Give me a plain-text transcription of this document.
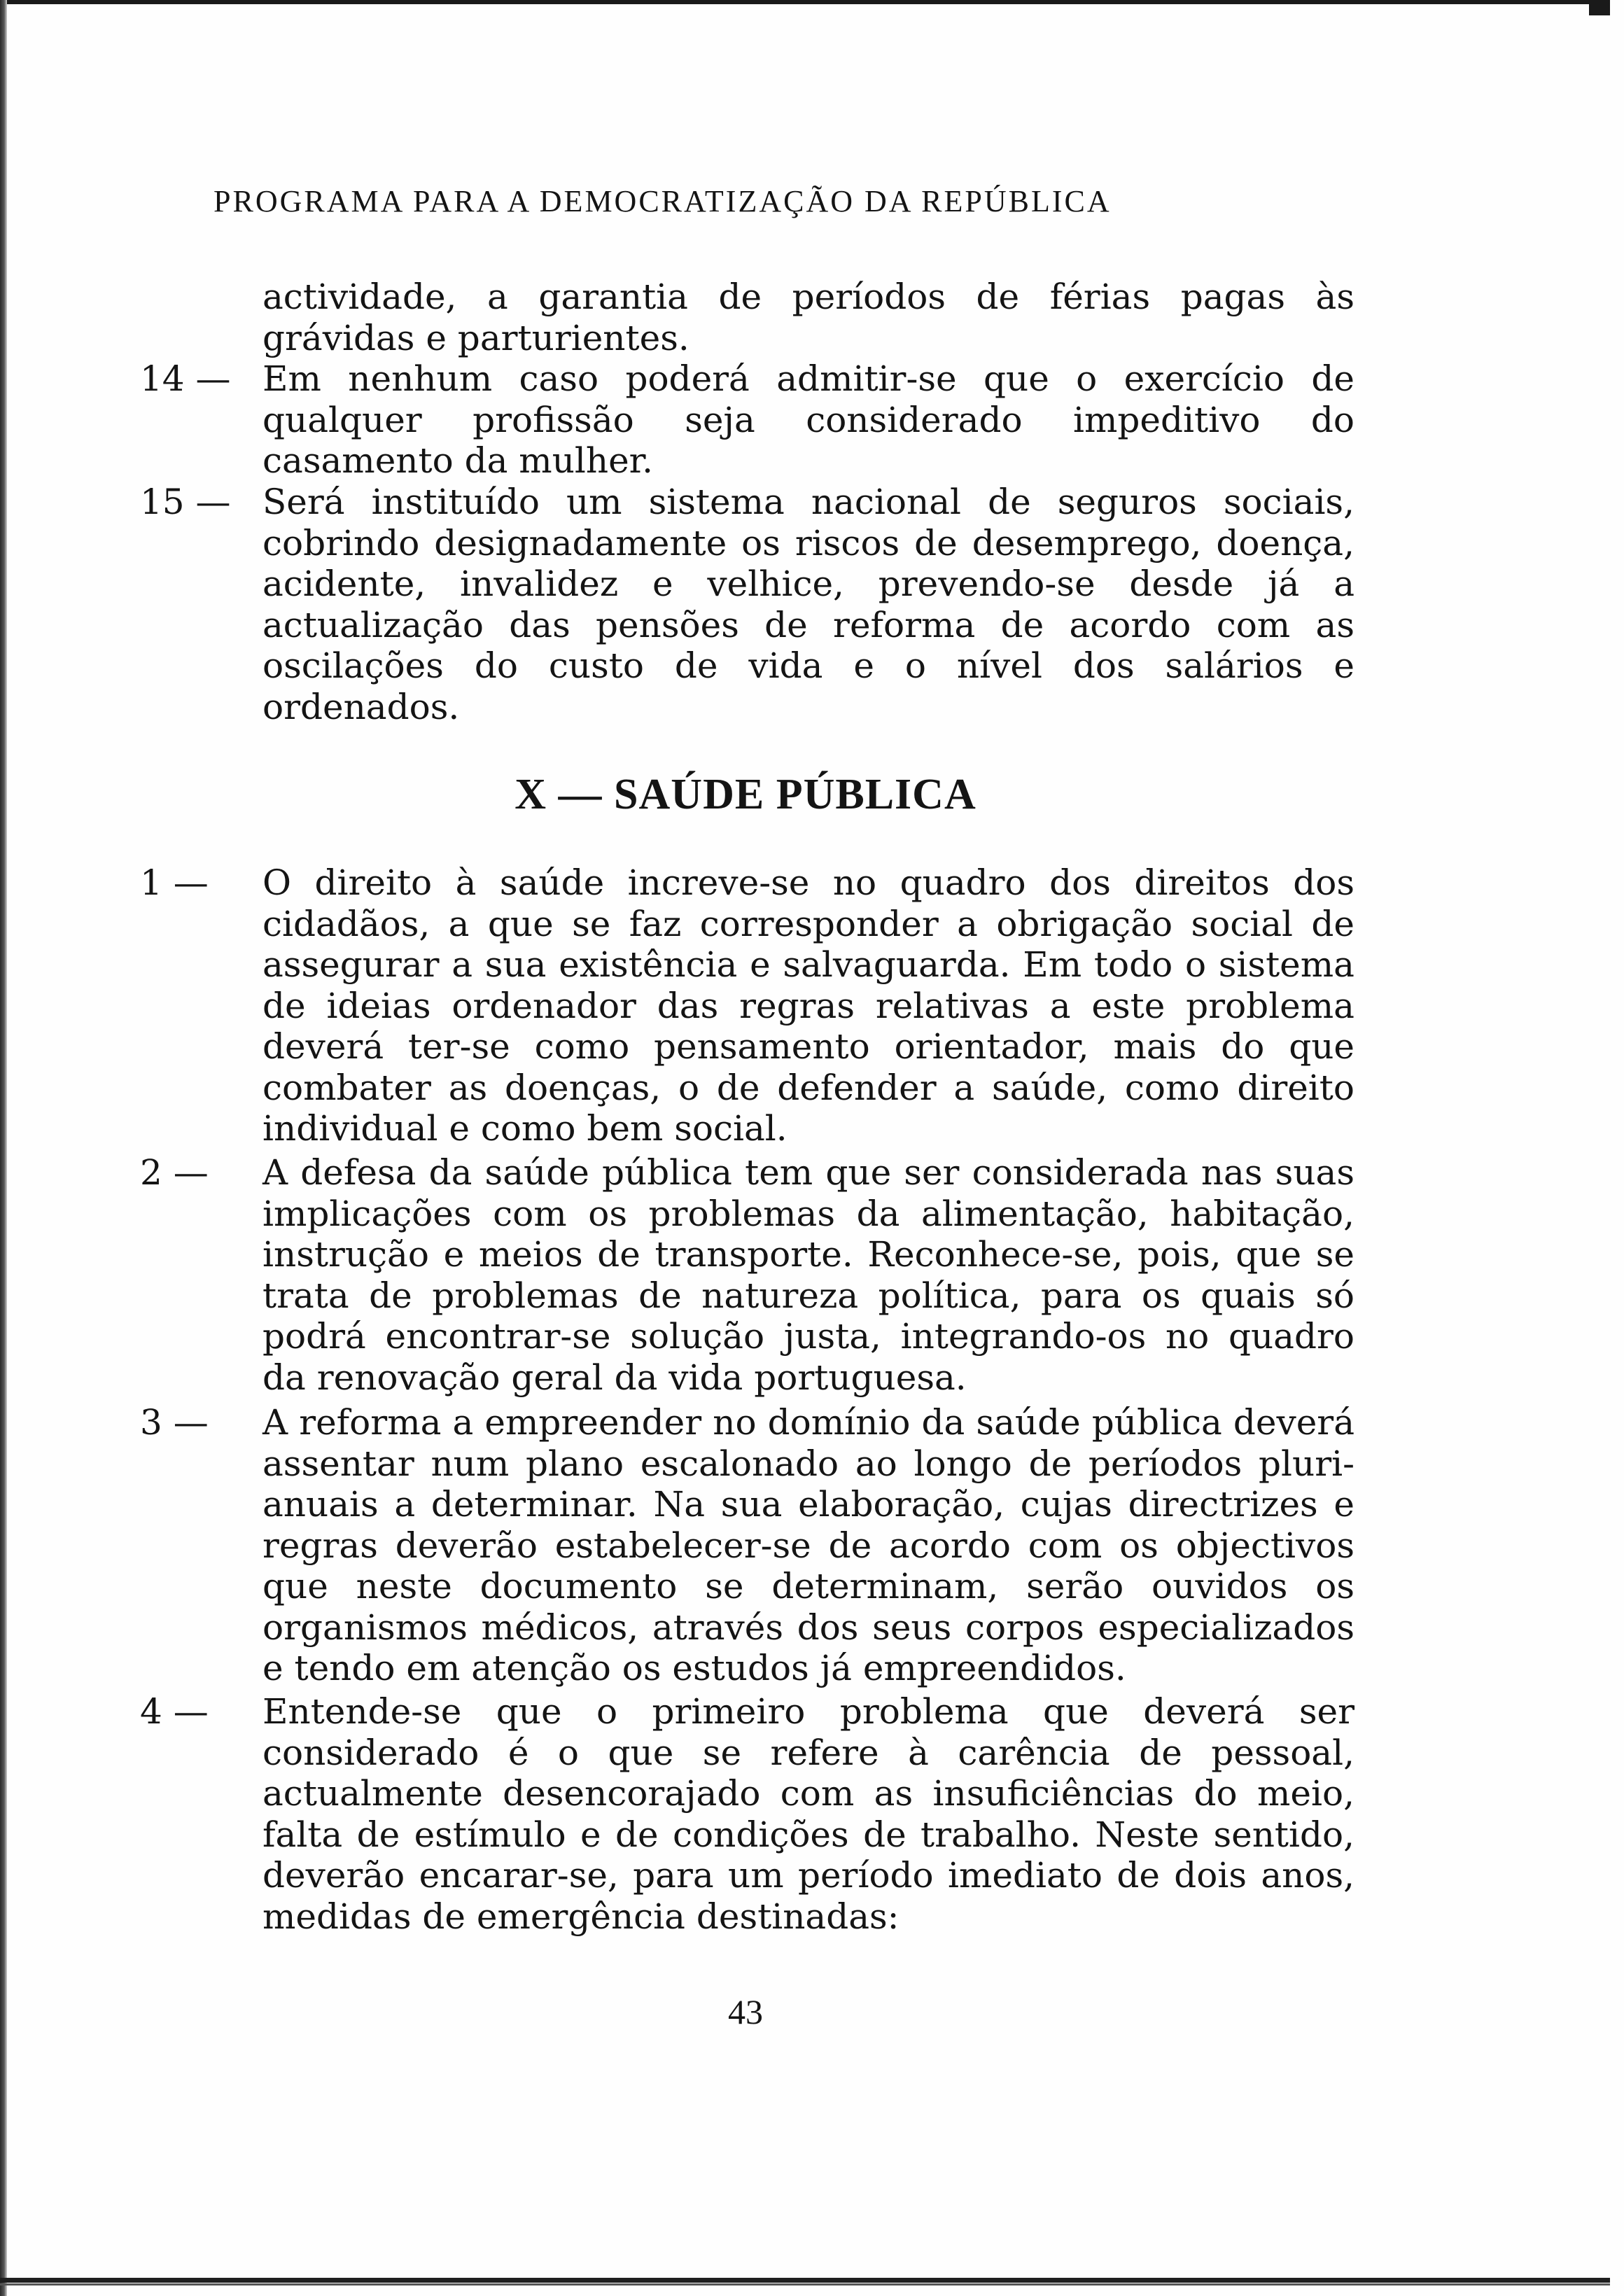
PROGRAMA PARA A DEMOCRATIZAÇÃO DA REPÚBLICA
actividade, a garantia de períodos de férias pagas às grávidas e parturientes.
14 — Em nenhum caso poderá admitir-se que o exercício de qualquer profissão seja considerado impeditivo do casamento da mulher.
15 — Será instituído um sistema nacional de seguros sociais, cobrindo designadamente os riscos de desemprego, doença, acidente, invalidez e velhice, prevendo-se desde já a actualização das pensões de reforma de acordo com as oscilações do custo de vida e o nível dos salários e ordenados.
X — SAÚDE PÚBLICA
1 —	O direito à saúde increve-se no quadro dos direitos dos cidadãos, a que se faz corresponder a obrigação social de assegurar a sua existência e salvaguarda. Em todo o sistema de ideias ordenador das regras relativas a este problema deverá ter-se como pensamento orientador, mais do que combater as doenças, o de defender a saúde, como direito individual e como bem social.
2 —	A defesa da saúde pública tem que ser considerada nas suas implicações com os problemas da alimentação, habitação, instrução e meios de transporte. Reconhece-se, pois, que se trata de problemas de natureza política, para os quais só podrá encontrar-se solução justa, integrando-os no quadro da renovação geral da vida portuguesa.
3 —	A reforma a empreender no domínio da saúde pública deverá assentar num plano escalonado ao longo de períodos pluri-anuais a determinar. Na sua elaboração, cujas directrizes e regras deverão estabelecer-se de acordo com os objectivos que neste documento se determinam, serão ouvidos os organismos médicos, através dos seus corpos especializados e tendo em atenção os estudos já empreendidos.
4 —	Entende-se que o primeiro problema que deverá ser considerado é o que se refere à carência de pessoal, actualmente desencorajado com as insuficiências do meio, falta de estímulo e de condições de trabalho. Neste sentido, deverão encarar-se, para um período imediato de dois anos, medidas de emergência destinadas:
43
